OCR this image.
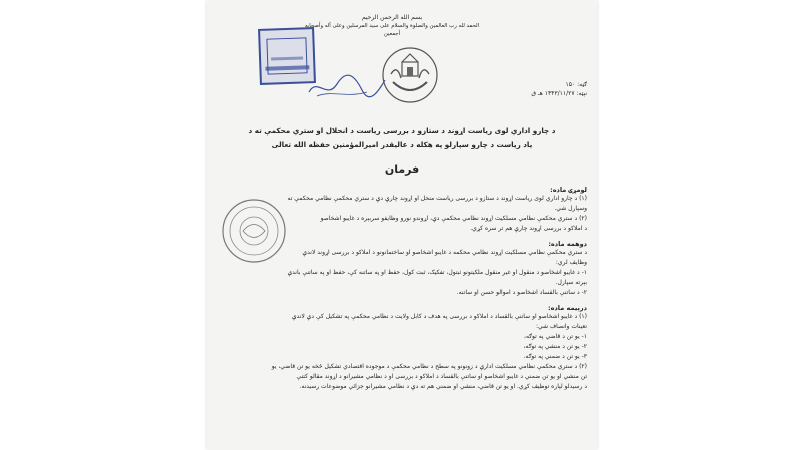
بسم الله الرحمن الرحيم
الحمد لله رب العالمين والصلوة والسلام على سيد المرسلين وعلى آله وأصحابه أجمعين
ګڼه: ۱۵۰
نېټه: ۱۴۴۳/۱۱/۲۷ هـ ق
د چارو اداري لوی ریاست اړوند د ستازو د بررسی ریاست د انحلال او ستري محکمې ته د
یاد ریاست د چارو سپارلو په هکله د عالیقدر امیرالمؤمنین حفظه الله تعالی
فرمان
لومړۍ ماده:
(۱) د چارو اداري لوی ریاست اړوند د ستازو د بررسی ریاست منحل او اړوند چارې دې د ستري محکمې نظامي محکمې ته
وسپارل شي.
(۲) د ستري محکمې نظامي مسلکيت اړوند نظامي محکمې دې، اړوندو نورو وظایفو سربېره د غایبو اشخاصو
د املاکو د بررسی اړوند چارې هم تر سره کړي.
دوهمه ماده:
د ستري محکمې نظامي مسلکيت اړوند نظامي محکمه د غایبو اشخاصو او ساختمانونو د املاکو د بررسی اړوند لاندې
وظایف لري:
۱- د غایبو اشخاصو د منقول او غیر منقول ملکیتونو ثبتول، تفکیک، ثبت کول، حفظ او په ساتنه کې، حفظ او په ساتنې باندې
بېرته سپارل.
۲- د ساتنې بالقساد اشخاصو د اموالو حسن او ساتنه.
درېیمه ماده:
(۱) د غایبو اشخاصو او ساتنې بالقساد د املاکو د بررسی په هدف د کابل ولایت د نظامي محکمې په تشکیل کې دې لاندې
تعینات وانصاف شي:
۱- یو تن د قاضي په توګه،
۲- یو تن د منشي په توګه،
۳- یو تن د ضمني په توګه.
(۲) د ستري محکمې نظامي مسلکيت ادارې د زونونو په سطح د نظامي محکمې د موجوده اقتصادي تشکیل څخه یو تن قاضي، یو
تن منشي او یو تن ضمني د غایبو اشخاصو او ساتنې بالقساد د املاکو د بررسی او د نظامي مشیرانو د اړوند مقالو کتنې
د رسیدلو لپاره توظیف کړي. او یو تن قاضي، منشي او ضمني هم ته دې د نظامي مشیرانو جزائي موضوعات رسیدنه.
